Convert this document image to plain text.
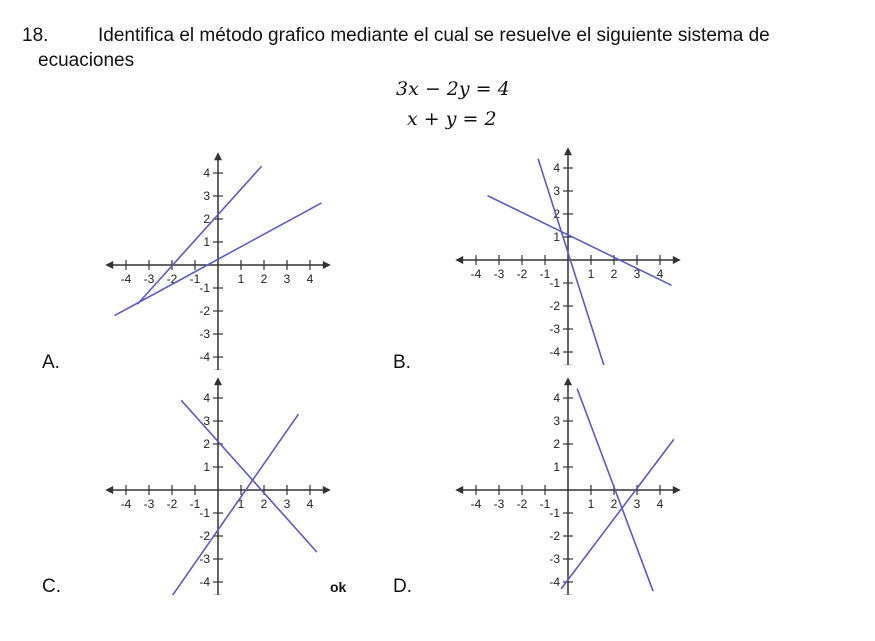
18.	Identifica el método grafico mediante el cual se resuelve el siguiente sistema de
ecuaciones
3x − 2y = 4
x + y = 2
A.	B.
C.	D.
ok
-4 -3 -2 -1	1 2 3 4
4
3
2
1
-1
-2
-3
-4
-4 -3 -2 -1	1 2 3 4
4
3
2
1
-1
-2
-3
-4
-4 -3 -2 -1	1 2 3 4
4
3
2
1
-1
-2
-3
-4
-4 -3 -2 -1	1 2 3 4
4
3
2
1
-1
-2
-3
-4
